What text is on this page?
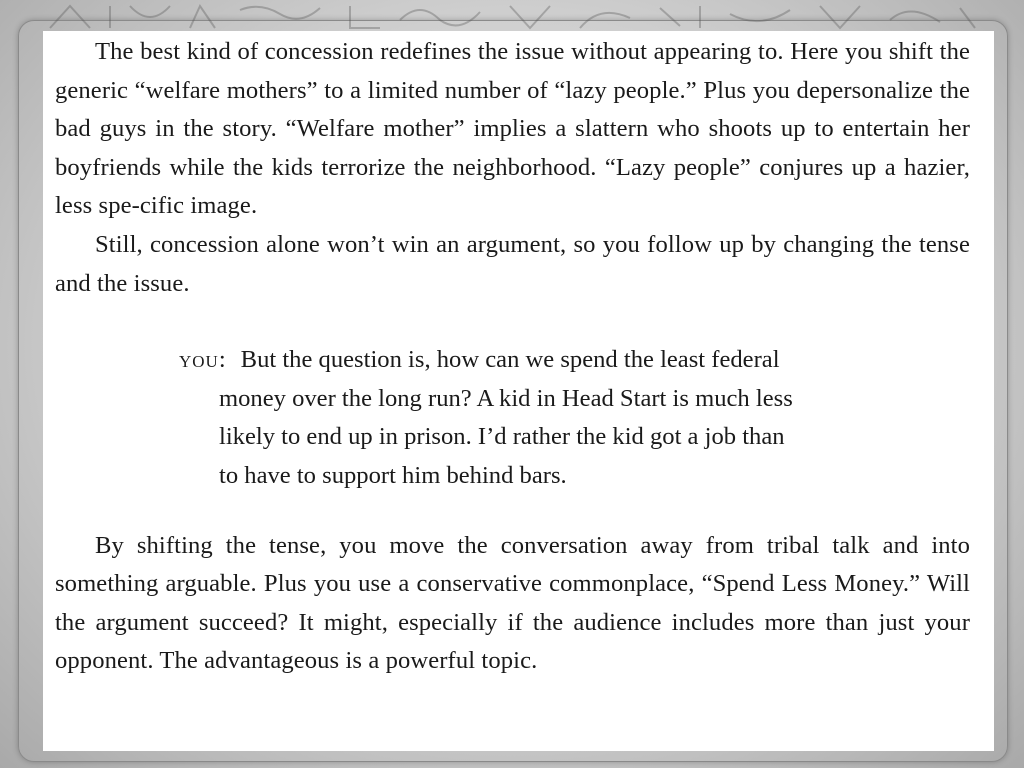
The best kind of concession redefines the issue without appearing to. Here you shift the generic “welfare mothers” to a limited number of “lazy people.” Plus you depersonalize the bad guys in the story. “Welfare mother” implies a slattern who shoots up to entertain her boyfriends while the kids terrorize the neighborhood. “Lazy people” conjures up a hazier, less spe-cific image.

Still, concession alone won’t win an argument, so you follow up by changing the tense and the issue.

you: But the question is, how can we spend the least federal
money over the long run? A kid in Head Start is much less
likely to end up in prison. I’d rather the kid got a job than
to have to support him behind bars.

By shifting the tense, you move the conversation away from tribal talk and into something arguable. Plus you use a conservative commonplace, “Spend Less Money.” Will the argument succeed? It might, especially if the audience includes more than just your opponent. The advantageous is a powerful topic.
